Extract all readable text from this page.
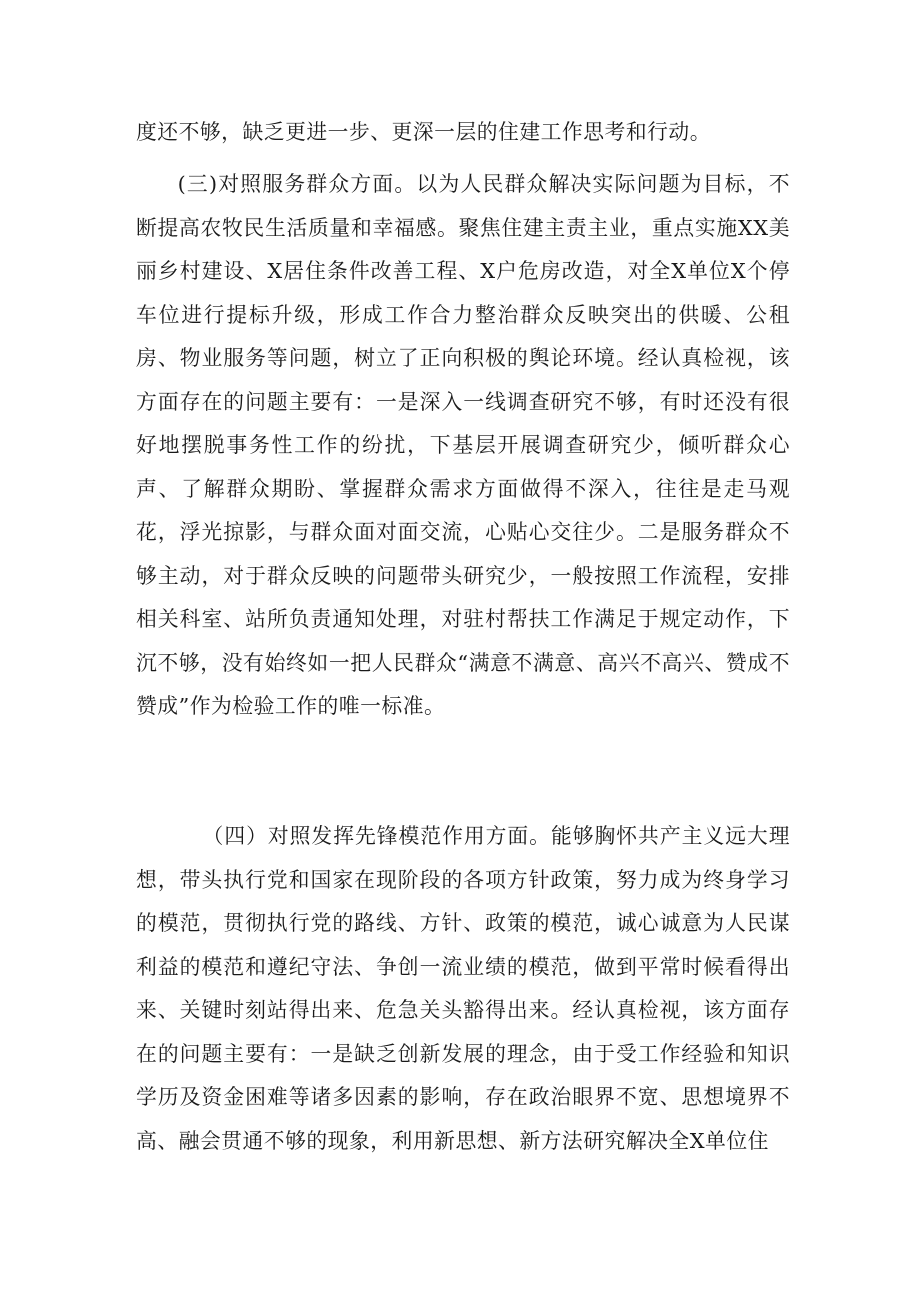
度还不够，缺乏更进一步、更深一层的住建工作思考和行动。

(三)对照服务群众方面。以为人民群众解决实际问题为目标，不断提高农牧民生活质量和幸福感。聚焦住建主责主业，重点实施XX美丽乡村建设、X居住条件改善工程、X户危房改造，对全X单位X个停车位进行提标升级，形成工作合力整治群众反映突出的供暖、公租房、物业服务等问题，树立了正向积极的舆论环境。经认真检视，该方面存在的问题主要有：一是深入一线调查研究不够，有时还没有很好地摆脱事务性工作的纷扰，下基层开展调查研究少，倾听群众心声、了解群众期盼、掌握群众需求方面做得不深入，往往是走马观花，浮光掠影，与群众面对面交流，心贴心交往少。二是服务群众不够主动，对于群众反映的问题带头研究少，一般按照工作流程，安排相关科室、站所负责通知处理，对驻村帮扶工作满足于规定动作，下沉不够，没有始终如一把人民群众“满意不满意、高兴不高兴、赞成不赞成”作为检验工作的唯一标准。

（四）对照发挥先锋模范作用方面。能够胸怀共产主义远大理想，带头执行党和国家在现阶段的各项方针政策，努力成为终身学习的模范，贯彻执行党的路线、方针、政策的模范，诚心诚意为人民谋利益的模范和遵纪守法、争创一流业绩的模范，做到平常时候看得出来、关键时刻站得出来、危急关头豁得出来。经认真检视，该方面存在的问题主要有：一是缺乏创新发展的理念，由于受工作经验和知识学历及资金困难等诸多因素的影响，存在政治眼界不宽、思想境界不高、融会贯通不够的现象，利用新思想、新方法研究解决全X单位住
